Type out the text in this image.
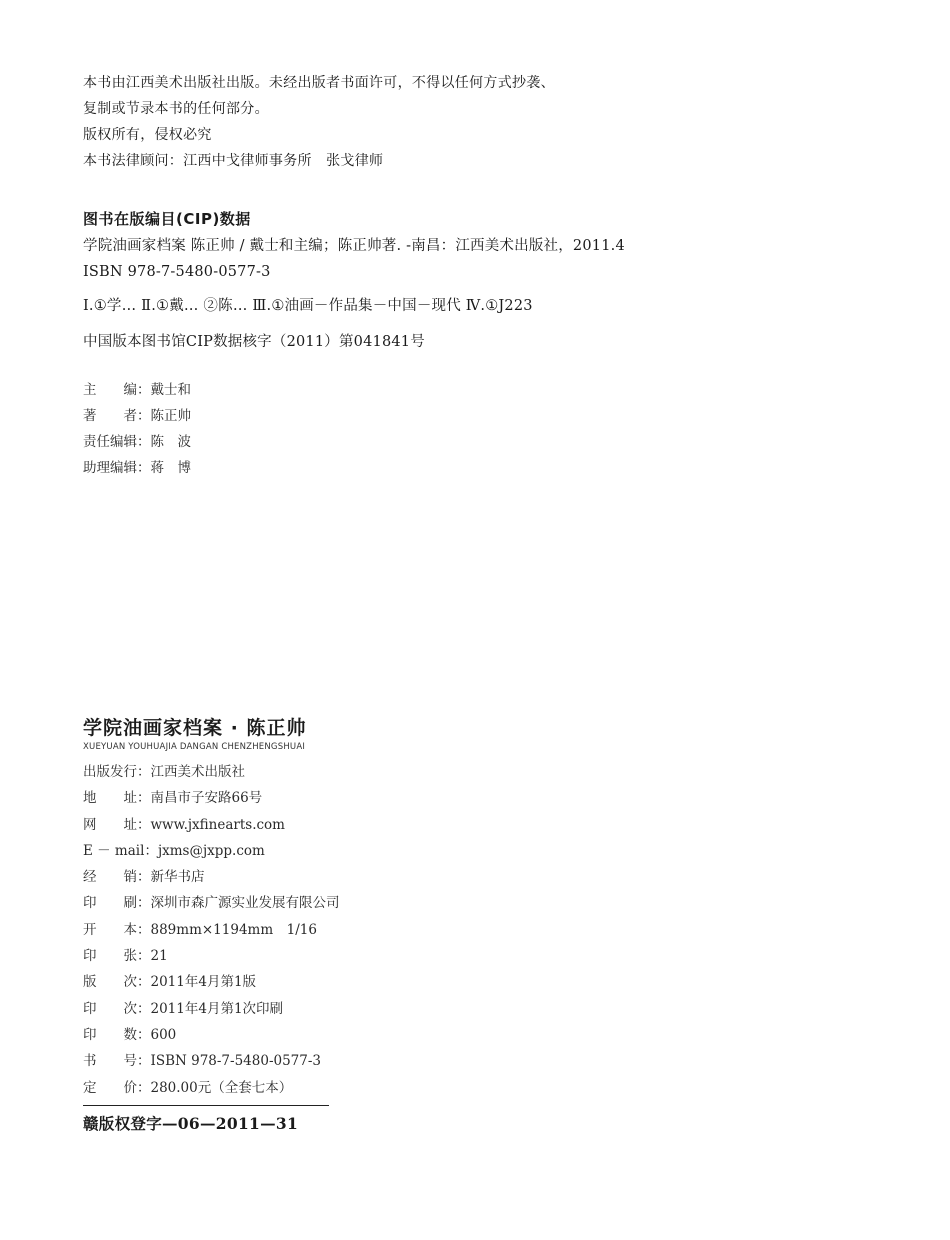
本书由江西美术出版社出版。未经出版者书面许可，不得以任何方式抄袭、
复制或节录本书的任何部分。
版权所有，侵权必究
本书法律顾问：江西中戈律师事务所　张戈律师
图书在版编目(CIP)数据
学院油画家档案 陈正帅 / 戴士和主编；陈正帅著. -南昌：江西美术出版社，2011.4
ISBN 978-7-5480-0577-3
Ⅰ.①学… Ⅱ.①戴… ②陈… Ⅲ.①油画－作品集－中国－现代 Ⅳ.①J223
中国版本图书馆CIP数据核字（2011）第041841号
主　　编：戴士和
著　　者：陈正帅
责任编辑：陈　波
助理编辑：蒋　博
学院油画家档案 · 陈正帅
XUEYUAN YOUHUAJIA DANGAN CHENZHENGSHUAI
出版发行：江西美术出版社
地　　址：南昌市子安路66号
网　　址：www.jxfinearts.com
E － mail：jxms@jxpp.com
经　　销：新华书店
印　　刷：深圳市森广源实业发展有限公司
开　　本：889mm×1194mm　1/16
印　　张：21
版　　次：2011年4月第1版
印　　次：2011年4月第1次印刷
印　　数：600
书　　号：ISBN 978-7-5480-0577-3
定　　价：280.00元（全套七本）
赣版权登字—06—2011—31
